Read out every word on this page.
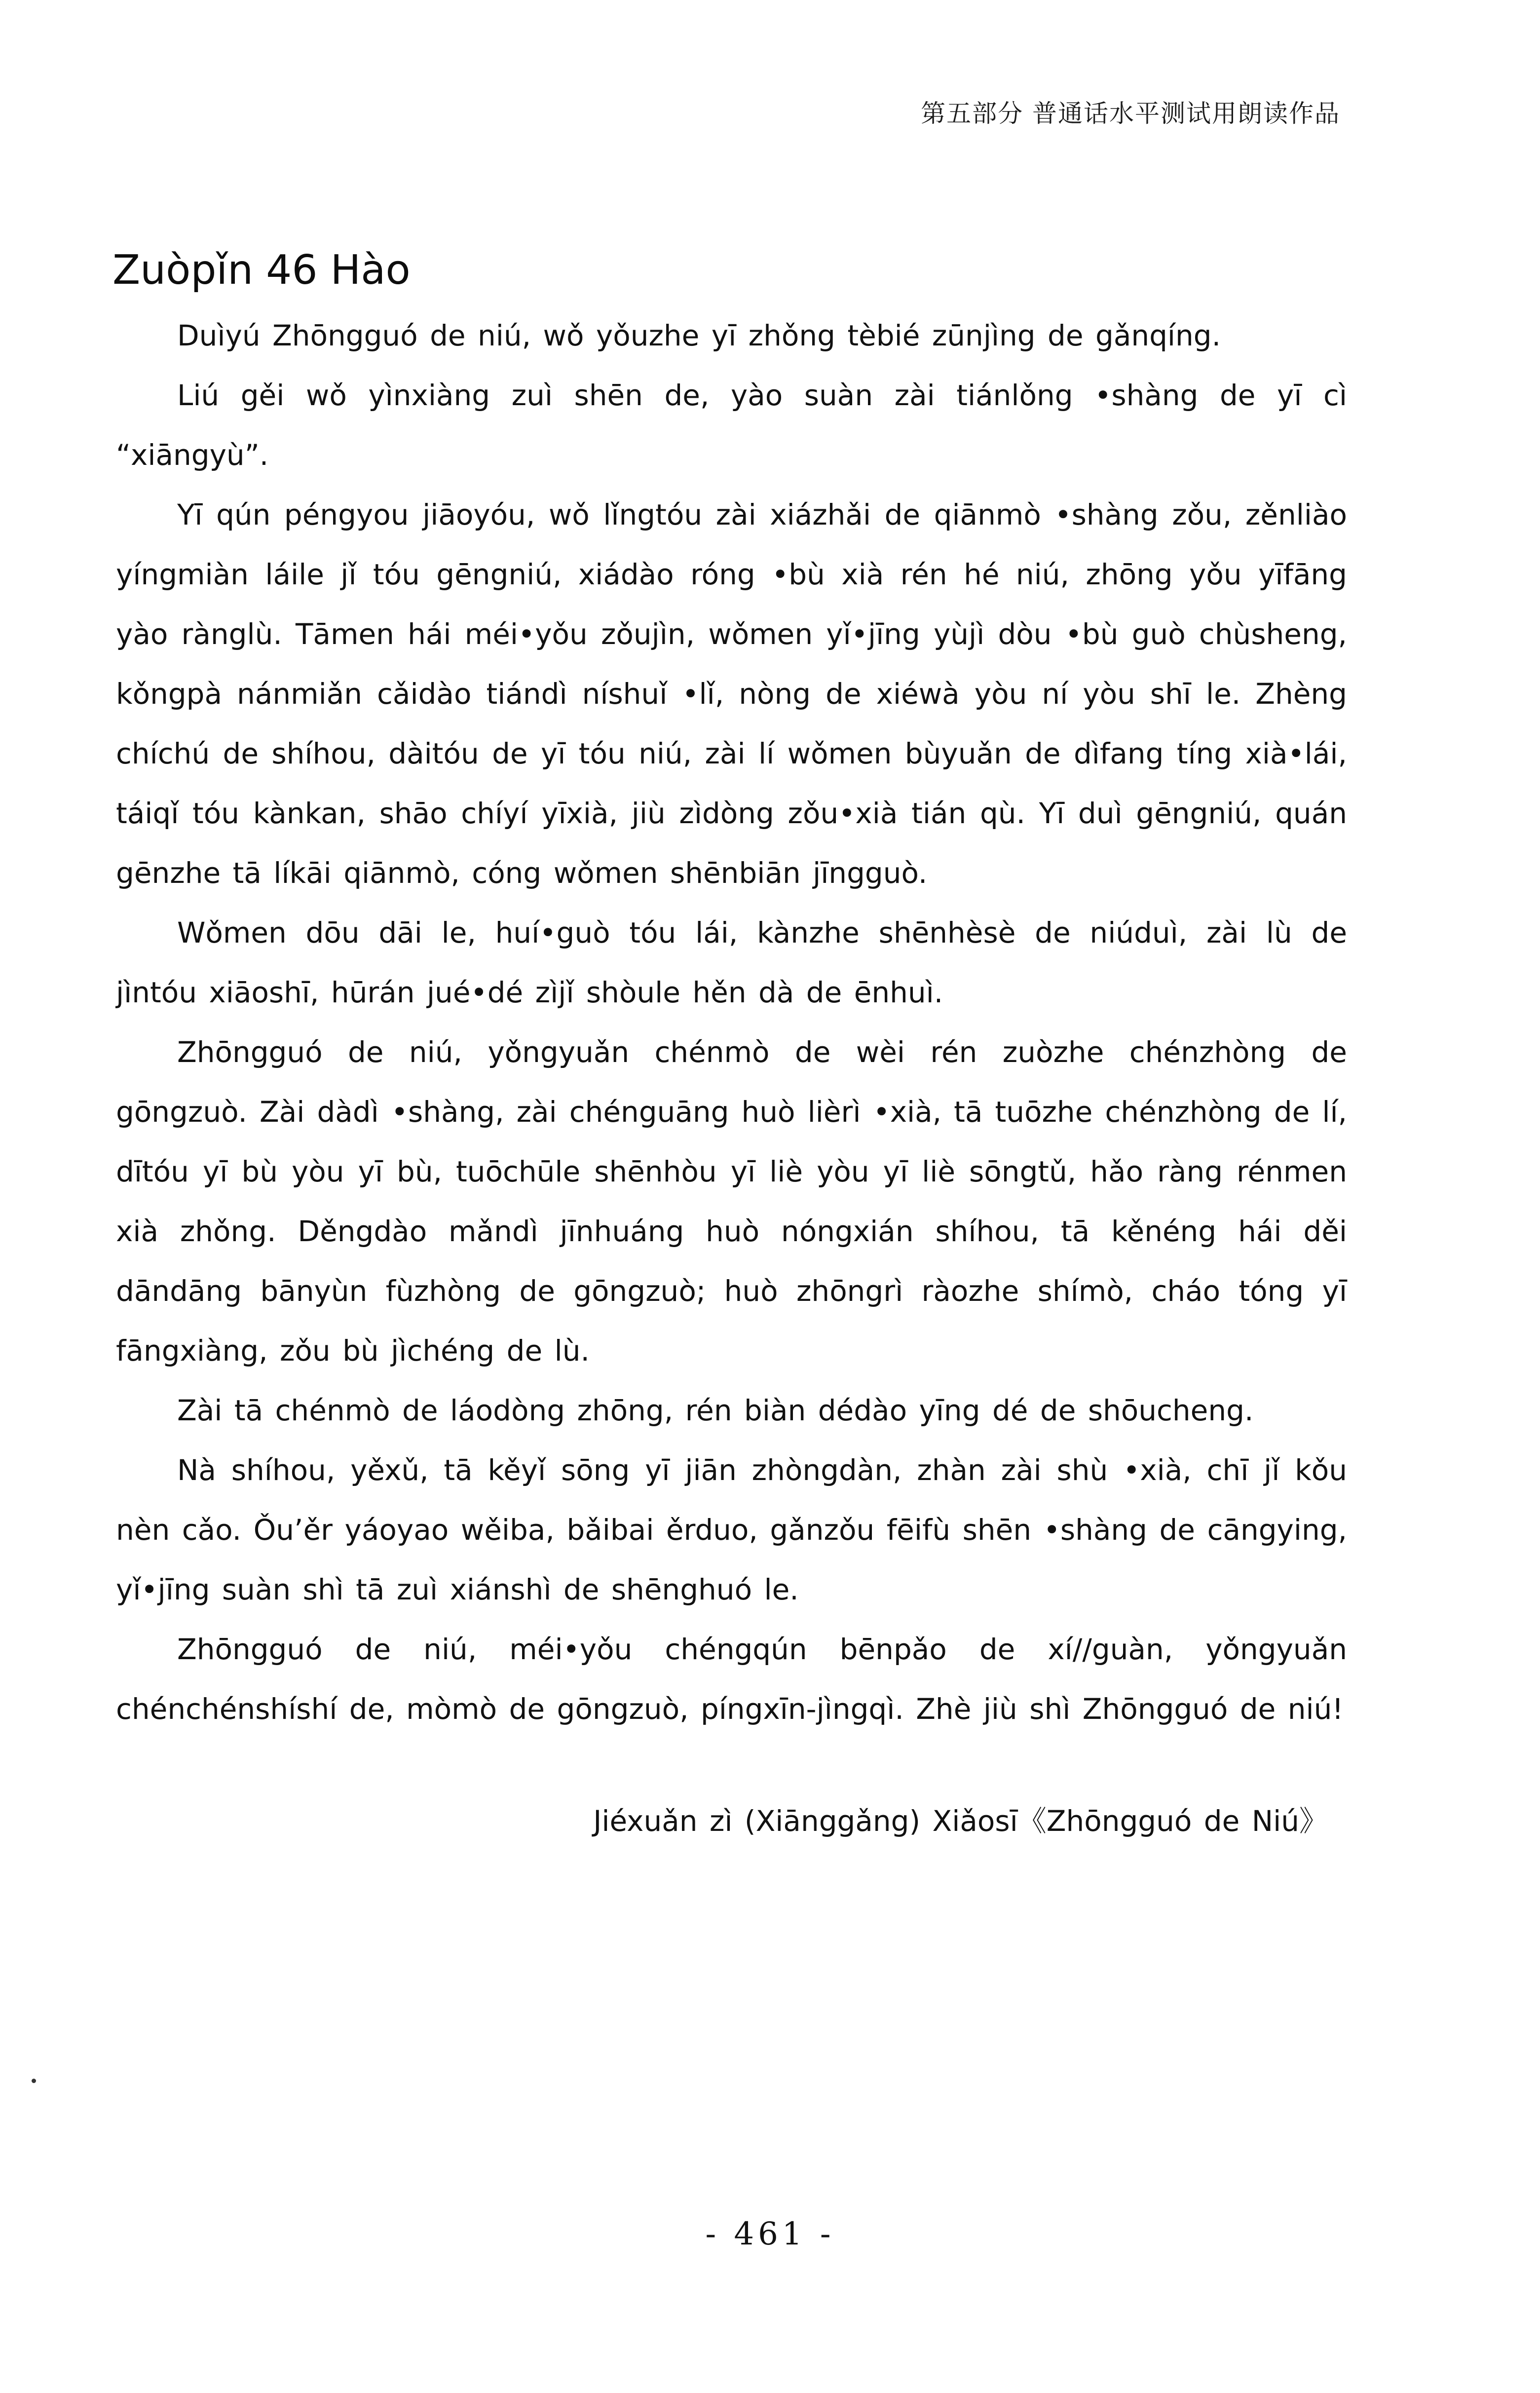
第五部分 普通话水平测试用朗读作品
Zuòpǐn 46 Hào

Duìyú Zhōngguó de niú, wǒ yǒuzhe yī zhǒng tèbié zūnjìng de gǎnqíng.

Liú gěi wǒ yìnxiàng zuì shēn de, yào suàn zài tiánlǒng •shàng de yī cì “xiāngyù”.

Yī qún péngyou jiāoyóu, wǒ lǐngtóu zài xiázhǎi de qiānmò •shàng zǒu, zěnliào yíngmiàn láile jǐ tóu gēngniú, xiádào róng •bù xià rén hé niú, zhōng yǒu yīfāng yào rànglù. Tāmen hái méi•yǒu zǒujìn, wǒmen yǐ•jīng yùjì dòu •bù guò chùsheng, kǒngpà nánmiǎn cǎidào tiándì níshuǐ •lǐ, nòng de xiéwà yòu ní yòu shī le. Zhèng chíchú de shíhou, dàitóu de yī tóu niú, zài lí wǒmen bùyuǎn de dìfang tíng xià•lái, táiqǐ tóu kànkan, shāo chíyí yīxià, jiù zìdòng zǒu•xià tián qù. Yī duì gēngniú, quán gēnzhe tā líkāi qiānmò, cóng wǒmen shēnbiān jīngguò.

Wǒmen dōu dāi le, huí•guò tóu lái, kànzhe shēnhèsè de niúduì, zài lù de jìntóu xiāoshī, hūrán jué•dé zìjǐ shòule hěn dà de ēnhuì.

Zhōngguó de niú, yǒngyuǎn chénmò de wèi rén zuòzhe chénzhòng de gōngzuò. Zài dàdì •shàng, zài chénguāng huò lièrì •xià, tā tuōzhe chénzhòng de lí, dītóu yī bù yòu yī bù, tuōchūle shēnhòu yī liè yòu yī liè sōngtǔ, hǎo ràng rénmen xià zhǒng. Děngdào mǎndì jīnhuáng huò nóngxián shíhou, tā kěnéng hái děi dāndāng bānyùn fùzhòng de gōngzuò; huò zhōngrì ràozhe shímò, cháo tóng yī fāngxiàng, zǒu bù jìchéng de lù.

Zài tā chénmò de láodòng zhōng, rén biàn dédào yīng dé de shōucheng.

Nà shíhou, yěxǔ, tā kěyǐ sōng yī jiān zhòngdàn, zhàn zài shù •xià, chī jǐ kǒu nèn cǎo. Ǒu’ěr yáoyao wěiba, bǎibai ěrduo, gǎnzǒu fēifù shēn •shàng de cāngying, yǐ•jīng suàn shì tā zuì xiánshì de shēnghuó le.

Zhōngguó de niú, méi•yǒu chéngqún bēnpǎo de xí//guàn, yǒngyuǎn chénchénshíshí de, mòmò de gōngzuò, píngxīn-jìngqì. Zhè jiù shì Zhōngguó de niú!

Jiéxuǎn zì (Xiānggǎng) Xiǎosī《Zhōngguó de Niú》
- 461 -
